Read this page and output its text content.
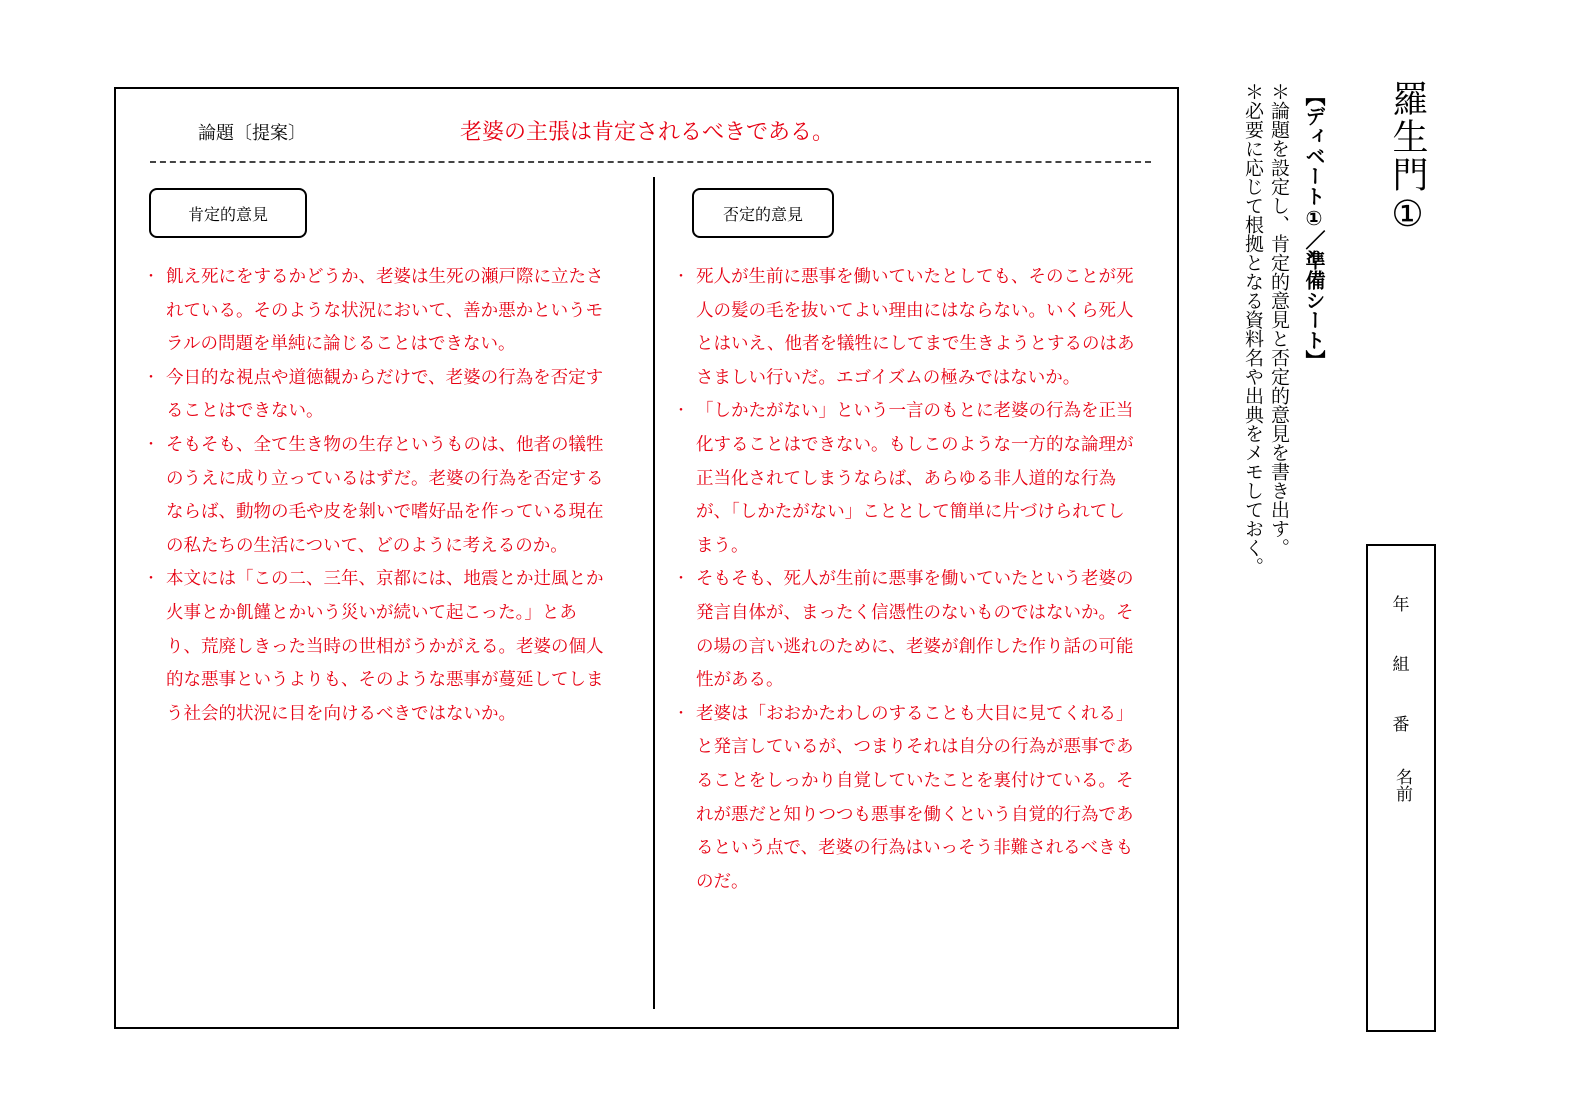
論題〔提案〕	老婆の主張は肯定されるべきである。
肯定的意見	否定的意見
・ 飢え死にをするかどうか、老婆は生死の瀬戸際に立たされている。そのような状況において、善か悪かというモラルの問題を単純に論じることはできない。
・ 今日的な視点や道徳観からだけで、老婆の行為を否定することはできない。
・ そもそも、全て生き物の生存というものは、他者の犠牲のうえに成り立っているはずだ。老婆の行為を否定するならば、動物の毛や皮を剝いで嗜好品を作っている現在の私たちの生活について、どのように考えるのか。
・ 本文には「この二、三年、京都には、地震とか辻風とか火事とか飢饉とかいう災いが続いて起こった。」とあり、荒廃しきった当時の世相がうかがえる。老婆の個人的な悪事というよりも、そのような悪事が蔓延してしまう社会的状況に目を向けるべきではないか。
・ 死人が生前に悪事を働いていたとしても、そのことが死人の髪の毛を抜いてよい理由にはならない。いくら死人とはいえ、他者を犠牲にしてまで生きようとするのはあさましい行いだ。エゴイズムの極みではないか。
・ 「しかたがない」という一言のもとに老婆の行為を正当化することはできない。もしこのような一方的な論理が正当化されてしまうならば、あらゆる非人道的な行為が、「しかたがない」こととして簡単に片づけられてしまう。
・ そもそも、死人が生前に悪事を働いていたという老婆の発言自体が、まったく信憑性のないものではないか。その場の言い逃れのために、老婆が創作した作り話の可能性がある。
・ 老婆は「おおかたわしのすることも大目に見てくれる」と発言しているが、つまりそれは自分の行為が悪事であることをしっかり自覚していたことを裏付けている。それが悪だと知りつつも悪事を働くという自覚的行為であるという点で、老婆の行為はいっそう非難されるべきものだ。
羅生門①
【ディベート①／準備シート】
＊論題を設定し、肯定的意見と否定的意見を書き出す。
＊必要に応じて根拠となる資料名や出典をメモしておく。
年
組
番
名前
